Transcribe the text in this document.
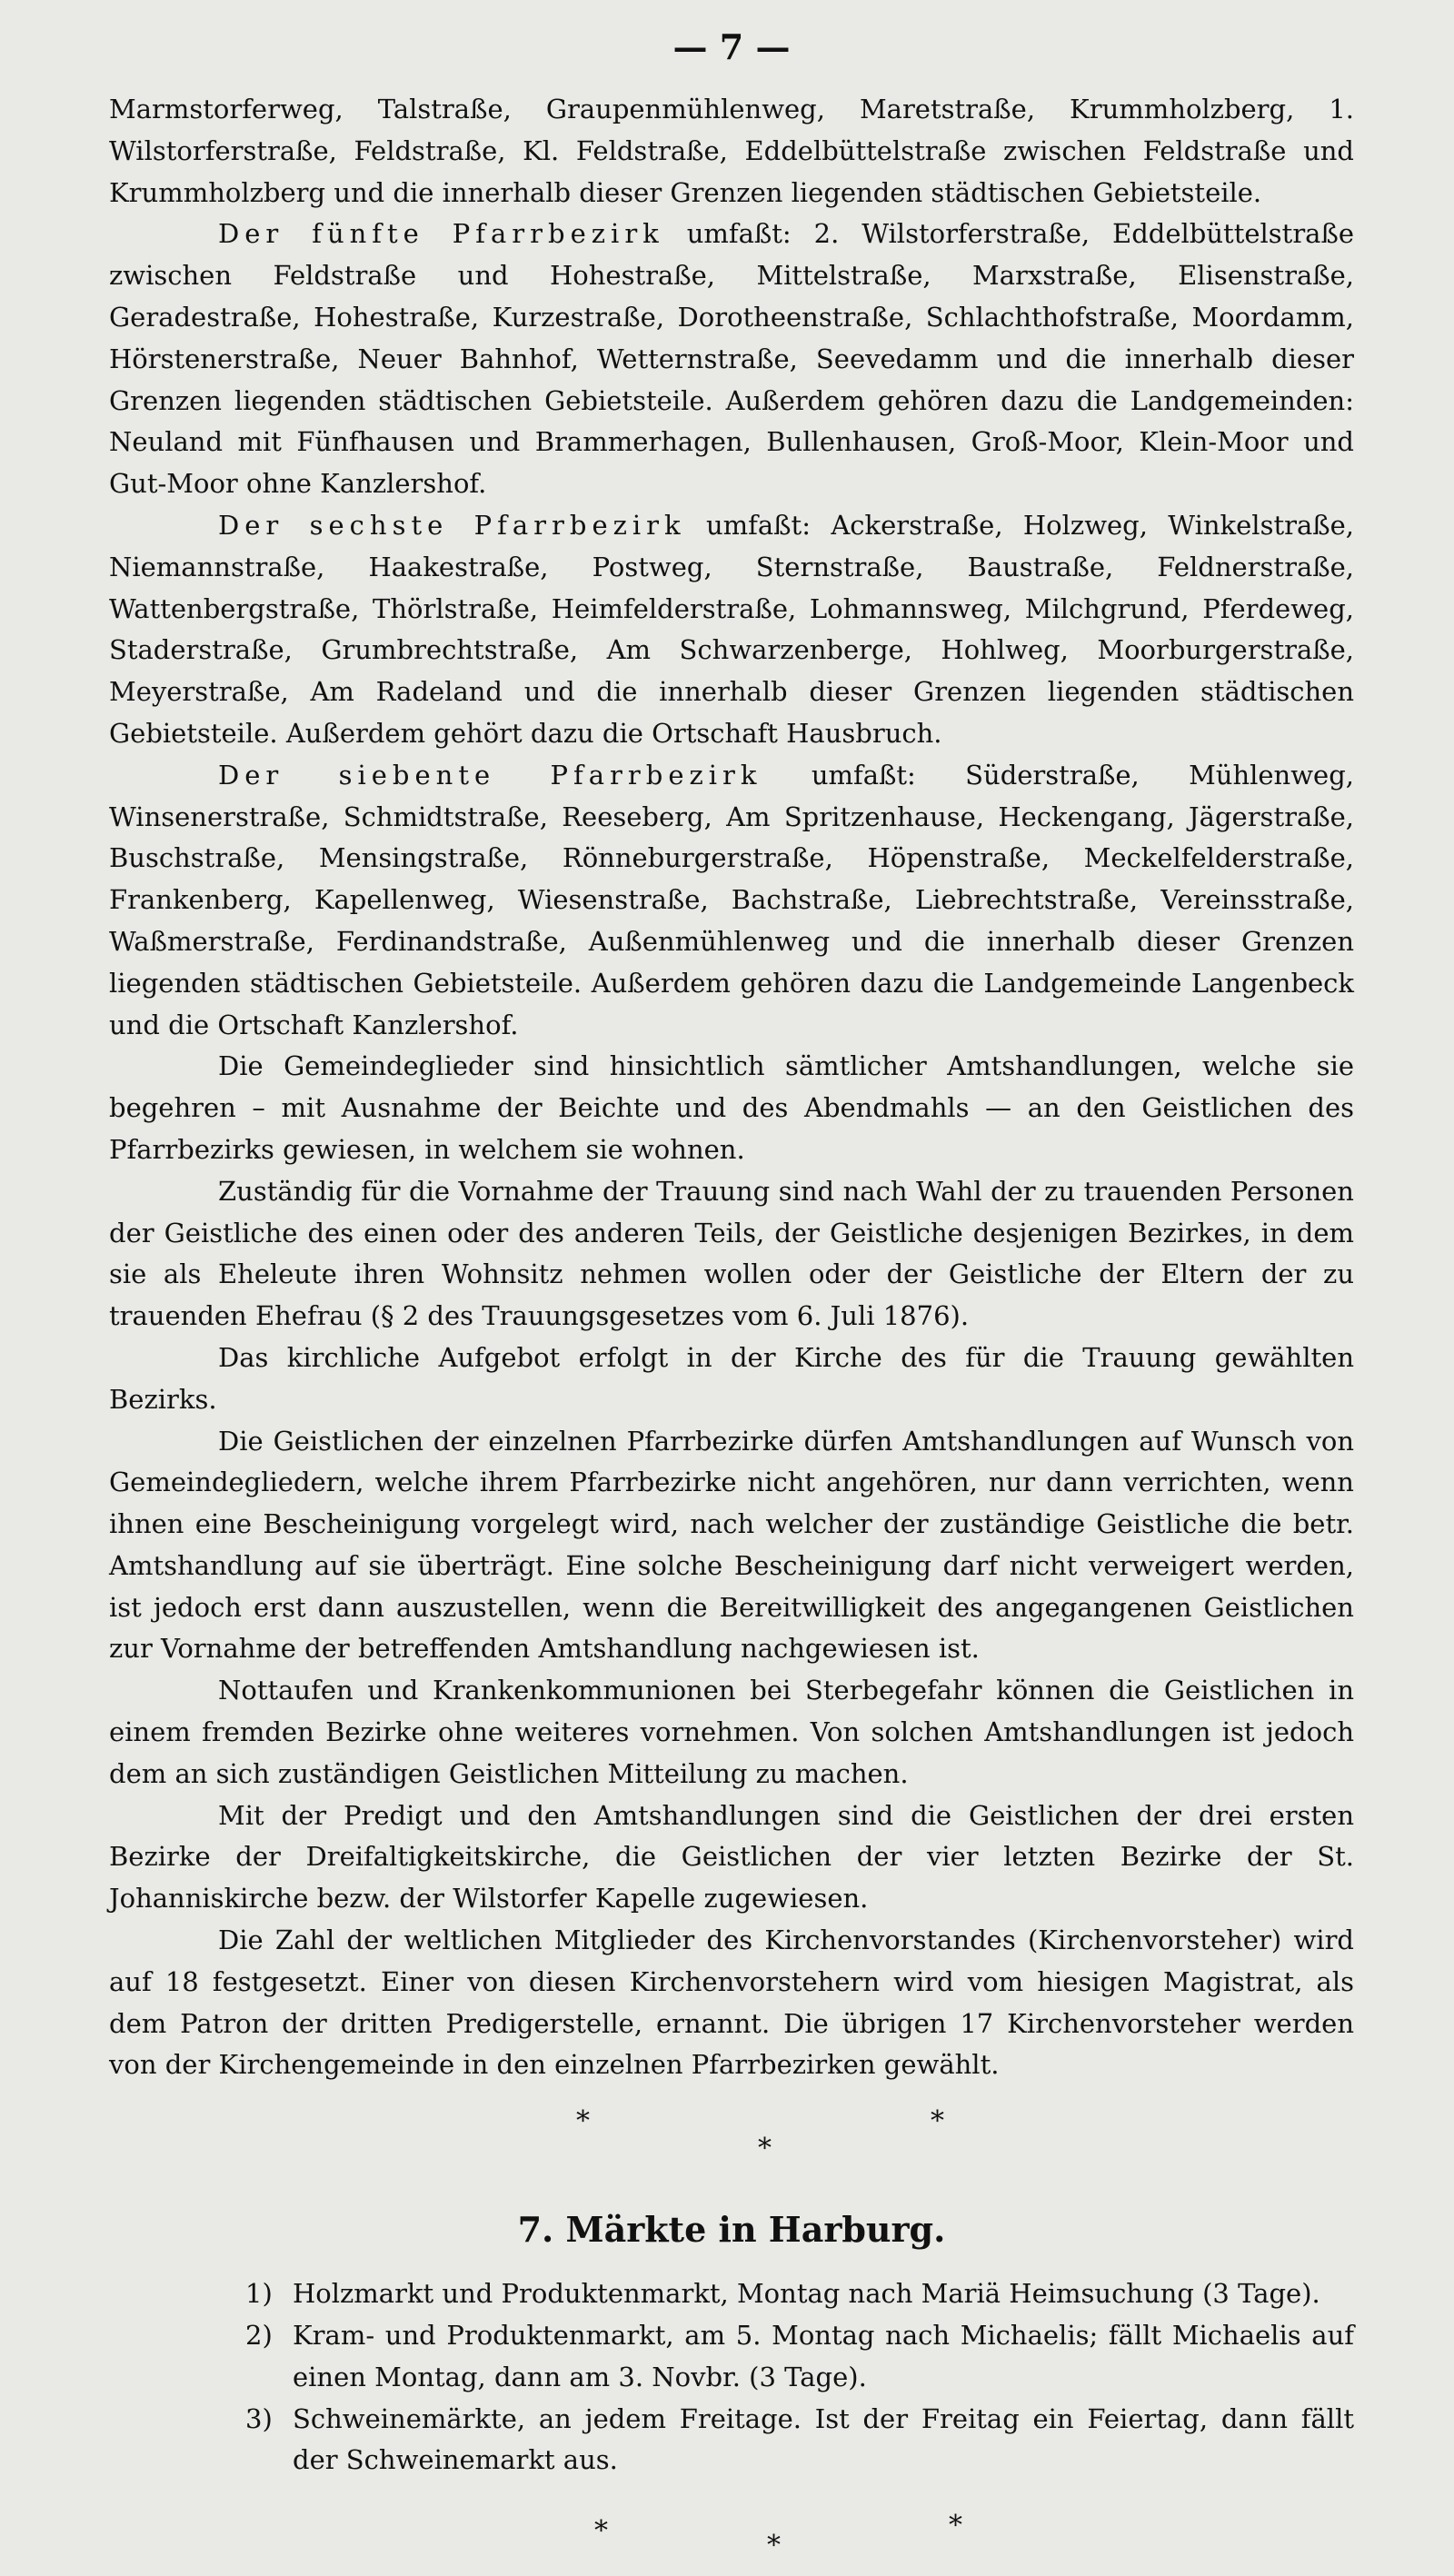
— 7 —

Marmstorferweg, Talstraße, Graupenmühlenweg, Maretstraße, Krummholzberg, 1. Wilstorferstraße, Feldstraße, Kl. Feldstraße, Eddelbüttelstraße zwischen Feldstraße und Krummholzberg und die innerhalb dieser Grenzen liegenden städtischen Gebietsteile.

Der fünfte Pfarrbezirk umfaßt: 2. Wilstorferstraße, Eddelbüttelstraße zwischen Feldstraße und Hohestraße, Mittelstraße, Marxstraße, Elisenstraße, Geradestraße, Hohestraße, Kurzestraße, Dorotheenstraße, Schlachthofstraße, Moordamm, Hörstenerstraße, Neuer Bahnhof, Wetternstraße, Seevedamm und die innerhalb dieser Grenzen liegenden städtischen Gebietsteile. Außerdem gehören dazu die Landgemeinden: Neuland mit Fünfhausen und Brammerhagen, Bullenhausen, Groß-Moor, Klein-Moor und Gut-Moor ohne Kanzlershof.

Der sechste Pfarrbezirk umfaßt: Ackerstraße, Holzweg, Winkelstraße, Niemannstraße, Haakestraße, Postweg, Sternstraße, Baustraße, Feldnerstraße, Wattenbergstraße, Thörlstraße, Heimfelderstraße, Lohmannsweg, Milchgrund, Pferdeweg, Staderstraße, Grumbrechtstraße, Am Schwarzenberge, Hohlweg, Moorburgerstraße, Meyerstraße, Am Radeland und die innerhalb dieser Grenzen liegenden städtischen Gebietsteile. Außerdem gehört dazu die Ortschaft Hausbruch.

Der siebente Pfarrbezirk umfaßt: Süderstraße, Mühlenweg, Winsenerstraße, Schmidtstraße, Reeseberg, Am Spritzenhause, Heckengang, Jägerstraße, Buschstraße, Mensingstraße, Rönneburgerstraße, Höpenstraße, Meckelfelderstraße, Frankenberg, Kapellenweg, Wiesenstraße, Bachstraße, Liebrechtstraße, Vereinsstraße, Waßmerstraße, Ferdinandstraße, Außenmühlenweg und die innerhalb dieser Grenzen liegenden städtischen Gebietsteile. Außerdem gehören dazu die Landgemeinde Langenbeck und die Ortschaft Kanzlershof.

Die Gemeindeglieder sind hinsichtlich sämtlicher Amtshandlungen, welche sie begehren – mit Ausnahme der Beichte und des Abendmahls — an den Geistlichen des Pfarrbezirks gewiesen, in welchem sie wohnen.

Zuständig für die Vornahme der Trauung sind nach Wahl der zu trauenden Personen der Geistliche des einen oder des anderen Teils, der Geistliche desjenigen Bezirkes, in dem sie als Eheleute ihren Wohnsitz nehmen wollen oder der Geistliche der Eltern der zu trauenden Ehefrau (§ 2 des Trauungsgesetzes vom 6. Juli 1876).

Das kirchliche Aufgebot erfolgt in der Kirche des für die Trauung gewählten Bezirks.

Die Geistlichen der einzelnen Pfarrbezirke dürfen Amtshandlungen auf Wunsch von Gemeindegliedern, welche ihrem Pfarrbezirke nicht angehören, nur dann verrichten, wenn ihnen eine Bescheinigung vorgelegt wird, nach welcher der zuständige Geistliche die betr. Amtshandlung auf sie überträgt. Eine solche Bescheinigung darf nicht verweigert werden, ist jedoch erst dann auszustellen, wenn die Bereitwilligkeit des angegangenen Geistlichen zur Vornahme der betreffenden Amtshandlung nachgewiesen ist.

Nottaufen und Krankenkommunionen bei Sterbegefahr können die Geistlichen in einem fremden Bezirke ohne weiteres vornehmen. Von solchen Amtshandlungen ist jedoch dem an sich zuständigen Geistlichen Mitteilung zu machen.

Mit der Predigt und den Amtshandlungen sind die Geistlichen der drei ersten Bezirke der Dreifaltigkeitskirche, die Geistlichen der vier letzten Bezirke der St. Johanniskirche bezw. der Wilstorfer Kapelle zugewiesen.

Die Zahl der weltlichen Mitglieder des Kirchenvorstandes (Kirchenvorsteher) wird auf 18 festgesetzt. Einer von diesen Kirchenvorstehern wird vom hiesigen Magistrat, als dem Patron der dritten Predigerstelle, ernannt. Die übrigen 17 Kirchenvorsteher werden von der Kirchengemeinde in den einzelnen Pfarrbezirken gewählt.

*	*
*
7. Märkte in Harburg.
1) Holzmarkt und Produktenmarkt, Montag nach Mariä Heimsuchung (3 Tage).
2) Kram- und Produktenmarkt, am 5. Montag nach Michaelis; fällt Michaelis auf einen Montag, dann am 3. Novbr. (3 Tage).
3) Schweinemärkte, an jedem Freitage. Ist der Freitag ein Feiertag, dann fällt der Schweinemarkt aus.
*	*
*
